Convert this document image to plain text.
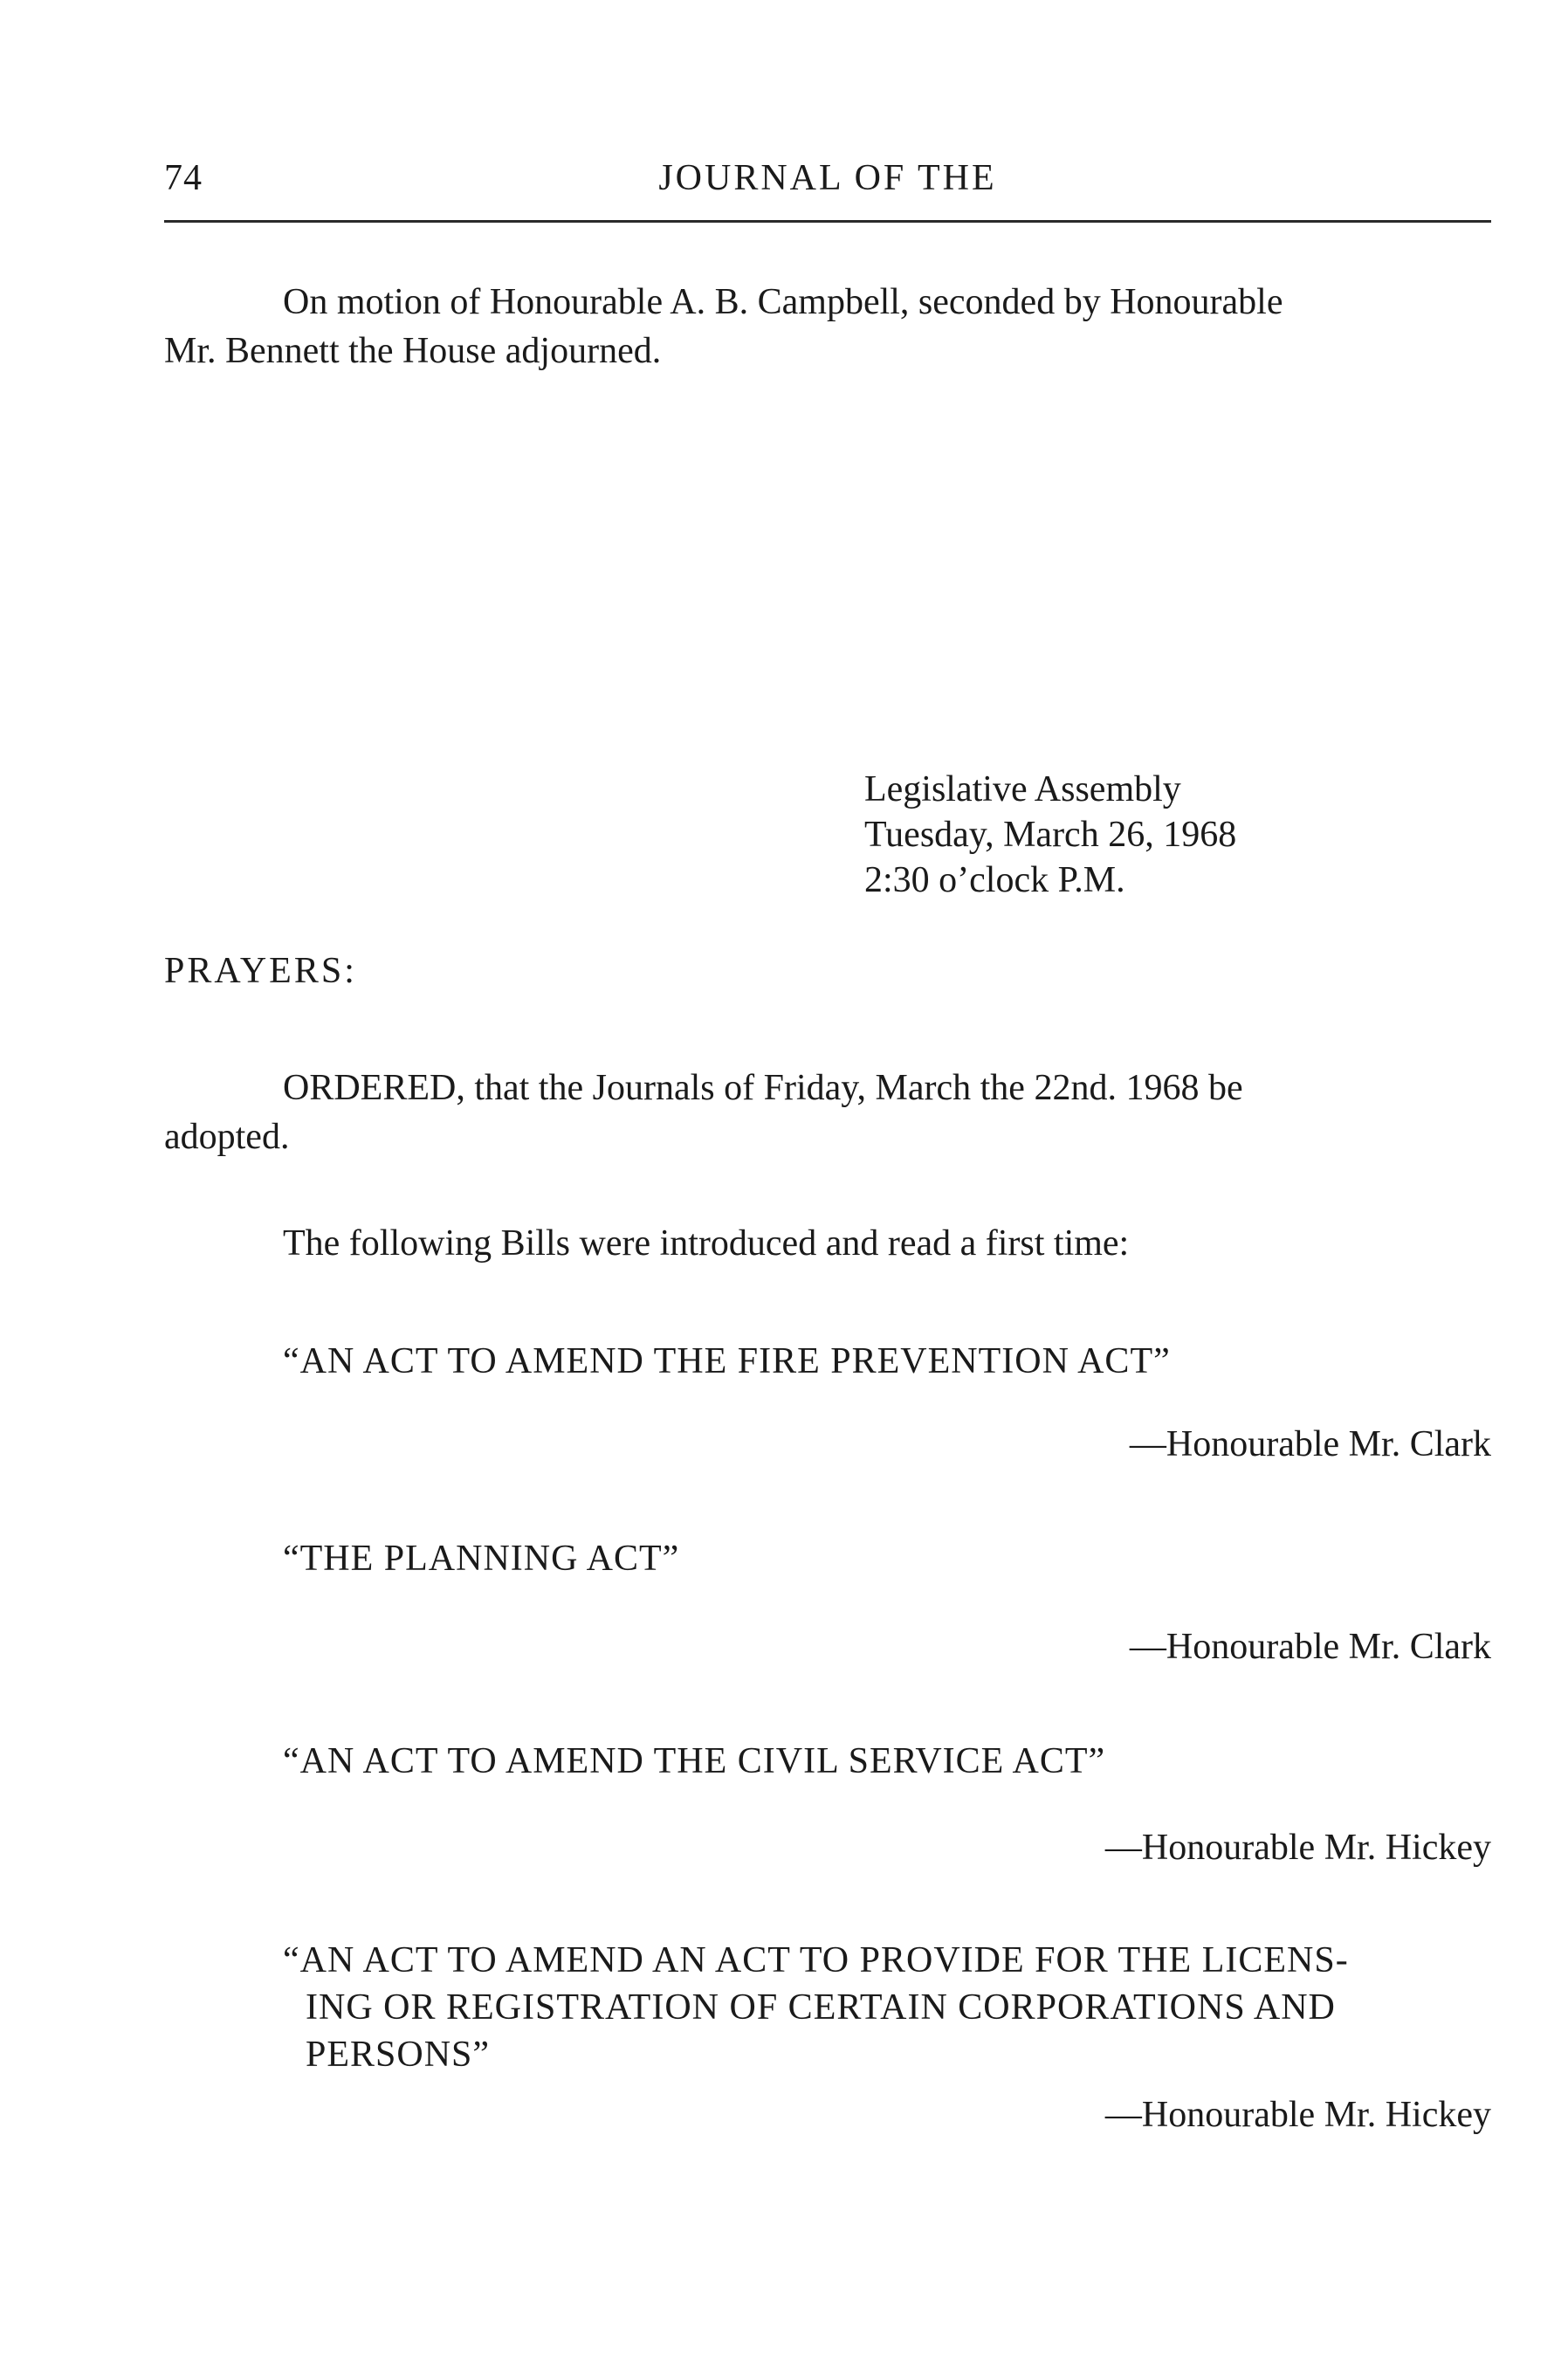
74	JOURNAL OF THE
On motion of Honourable A. B. Campbell, seconded by Honourable
Mr. Bennett the House adjourned.
Legislative Assembly
Tuesday, March 26, 1968
2:30 o’clock P.M.
PRAYERS:
ORDERED, that the Journals of Friday, March the 22nd. 1968 be
adopted.
The following Bills were introduced and read a first time:
“AN ACT TO AMEND THE FIRE PREVENTION ACT”
—Honourable Mr. Clark
“THE PLANNING ACT”
—Honourable Mr. Clark
“AN ACT TO AMEND THE CIVIL SERVICE ACT”
—Honourable Mr. Hickey
“AN ACT TO AMEND AN ACT TO PROVIDE FOR THE LICENS-
ING OR REGISTRATION OF CERTAIN CORPORATIONS AND
PERSONS”
—Honourable Mr. Hickey
